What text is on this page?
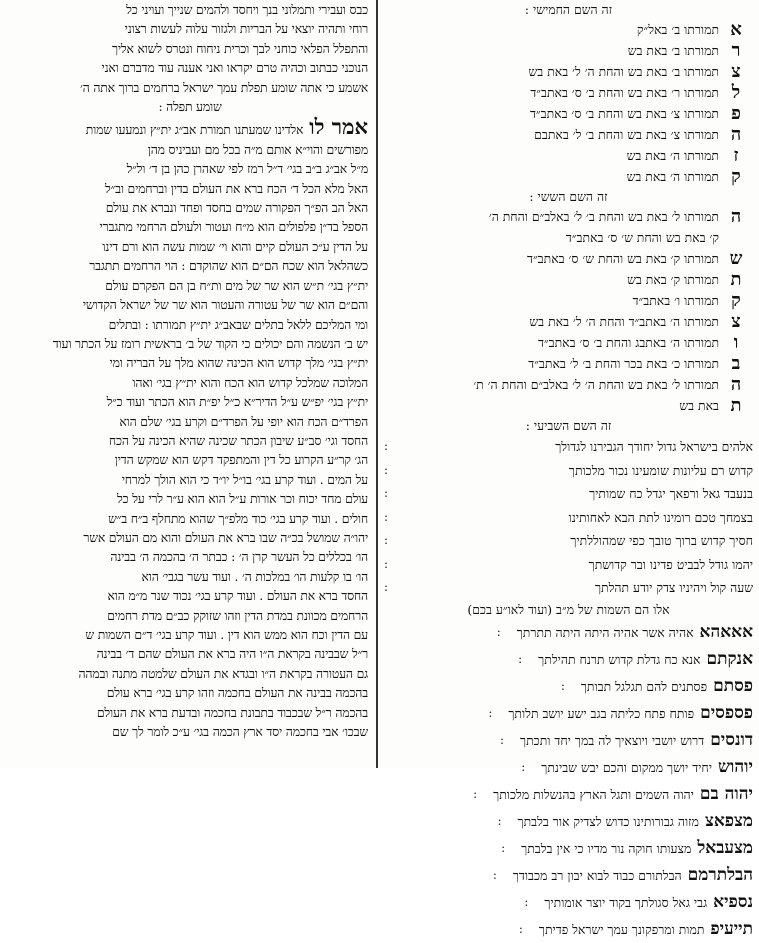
זה השם החמישי :
א
תמורתו ב׳ באל״ק
ר
תמורתו ב׳ באת בש
צ
תמורתו ב׳ באת בש והחת ה׳ ל׳ באת בש
ל
תמורתו ר׳ באת בש והחת ב׳ ס׳ באתב״ד
פ
תמורתו צ׳ באת בש והחת ב׳ ס׳ באתב״ד
ה
תמורתו צ׳ באת בש והחת ב׳ ל׳ באתבם
ז
תמורתו ה׳ באת בש
ק
תמורתו ה׳ באת בש
זה השם הששי :
ה
תמורתו ל׳ באת בש והחת ב׳ ל׳ באלב״ם והחת ה׳
ק׳ באת בש והחת ש׳ ס׳ באתב״ד
ש
תמורתו ק׳ באת בש והחת ש׳ ס׳ באתב״ד
ת
תמורתו ק׳ באת בש
ק
תמורתו ו׳ באתב״ד
צ
תמורתו ה׳ באתב״ד והחת ה׳ ל׳ באת בש
ו
תמורתו ה׳ באתבג והחת ב׳ ס׳ באתב״ד
ב
תמורתו כ׳ באת בכר והחת ב׳ ל׳ באתב״ד
ה
תמורתו ל׳ באת בש והחת ה׳ ל׳ באלב״ם והחת ה׳ ת׳
ת
באת בש
זה השם השביעי :
אלהים בישראל גדול יחודך הגבירנו לגדולך
:
קדוש רם עליונות שומעינו נכור מלכותך
:
בנעבד גאל ורפאך יגדל כח שמותיך
:
בצמחך טכם רומינו לתת הבא לאחותינו
:
חסיך קדוש ברוך טובך כפי שמהוללתיך
:
יהמו גודל לבביט פדינו ובר קדושתך
:
שעה קול ויהיניו צדק יודע תהלתך
:
אלו הם השמות של מ״ב (ועוד לאו״ע בכם)
אאאהא
אהיה אשר אהיה היתה היתה תתרתך
:
אנקתם
אנא כח גדלת קדוש תרנח תהילתך
:
פסתם
פסתנים להם תגלגל תבותך
:
פספסים
פותח פתח כליתה בגב ישע יושב תלותך
:
דונסים
דרוש יושבי ויוצאיך לה במך יחד ותכתך
:
יוהוש
יחיד יושך ממקום והכם יבש שבינתך
:
יהוה בם
יהוה השמים ותגל הארץ בהנשלות מלכותך
:
מצפאצ
מזוה גבורותינו כדוש לצדיק אור בלבתך
:
מצעבאל
מצעותו חוקה נור מדיו כי אין בלבתך
:
הבלתרמם
הבלתורם כבוד לבוא יבון רב מכבודך
:
נספיא
גבי גאל סגולתך בקוד יוצר אומותיך
:
תייעיפ
תמות ומרפקונך עמך ישראל פדיתך
:
כבס ועבירי ותמלוני בנך ויחסד ולהמים שנייך ועויני כל
רוחי ותהיה יוצאי על הבריות ולגזור עלוה לעשות רצוני
והתפלל הפלאי כוחני לבך וכרית ניחוח ונטרס לשוא אליך
הנוכני כבתוב וכהיה טרם יקראו ואני אענה עוד מדברם ואני
אשמע כי אתה שומע תפלת עמך ישראל ברחמים ברוך אתה ה׳
שומע תפלה :
אמר לו
אלדינו שמעתנו תמורת אב״ג ית״ץ ונמעעו שמות
מפורשים והוי״א אותם מ״ה בכל מם ועביניס מהן
מ״ל אב״ג ב״ב בגי׳ ד״ל רמז לפי שאהרן כהן בן ד׳ ול״ל
האל מלא הכל ד׳ הכח ברא את העולם בדין וברחמים וב״ל
האל הב הפ״ך הפקורה שמים בחסד ופחד ונברא את עולם
הספל בד״ן פלפולים הוא מ״ח ועטור ולעולם הרחמי מתגברי
על הדין ע״כ העולם קיים והוא וי׳ שמות עשה הוא ורם דינו
כשהלאל הוא שכח הם״ם הוא שהוקדם : הוי הרחמים תתגבר
ית״ץ בגי׳ ת״ש הוא שר של מים ות״ח בן הם הפקרם עולם
והם״ם הוא שר של עטורה והעטור הוא שר של ישראל הקדושי
ומי המליכם ללאל בתלים שבאב״ג ית״ץ תמורתו : ובתלים
יש ב׳ הנשמה והם יכולים כי הקוד של ב׳ בראשית רומז על הכתר ועוד
ית״ץ בגי׳ מלך קדוש הוא הכינה שהוא מלך על הבריה ומי
המלוכה שמלכל קדוש הוא הכח והוא ית״ץ בגי׳ ואהו
ית״ץ בגי׳ יפ״ש ע״ל הדיר״א כ״ל יפ״ת הוא הכתר ועוד כ״ל
הפרד״ם הכח הוא יופי על הפרד״ם וקרע בגי׳ שלם הוא
החסד וגי׳ סב״ע שיבון הכתר שכינה שהיא הכינה על הכח
הג׳ קר״ע הקרוע כל דין והמתפקד דקש הוא שמקש הדין
על המים . ועוד קרע בגי׳ בו״ל יו״ד כי הוא הולך למרחי
עולם מחד יכוח וכר אורות ע״ל הוא הוא ע״ר לרי על כל
חולים . ועוד קרע בגי׳ כוד מלפ״ך שהוא מתחלף ב״ח ב״ש
יהו״ה שמושל בכ״ה שבו ברא את העולם והוא מם העולם אשר
הו׳ בכללים כל העשר קרן ה׳ : כבתר ה׳ בהכמה ה׳ בבינה
הו׳ בו קלעות הו׳ במלכות ה׳ . ועוד עשר בגבי׳ הוא
החסד ברא את העולם . ועוד קרע בגי׳ נכוד שנר מ״מ הוא
הרחמים מכוונת במדת הדין וזהו שזוקק כב״ם מדת רחמים
עם הדין וכח הוא ממש הוא דין . ועוד קרע בגי׳ ד״ם השמות ש
ר״ל שבבינה בקראת ה״ו היה ברא את העולם שהם ד׳ בבינה
גם העטורה בקראת ה״ו ובגדא את העולם שלמטה מתנה ובמהה
בהכמה בבינה את העולם בחכמה וזהו קרע בגי׳ ברא עולם
בהכמה ר״ל שבכבוד בתבונת בחכמה ובדעת ברא את העולם
שבכו׳ אבי בחכמה יסד ארץ הכמה בגי׳ ע״כ לומר לך שם
